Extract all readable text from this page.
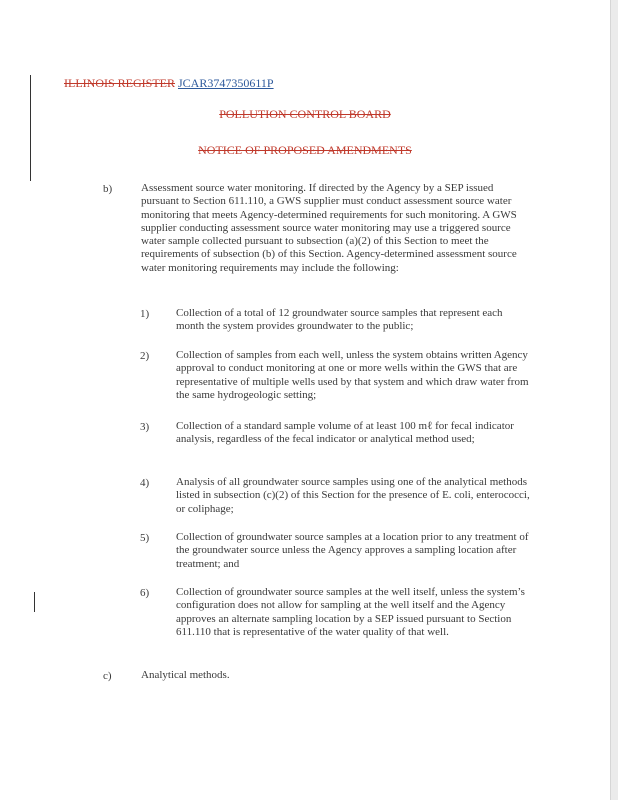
ILLINOIS REGISTER JCAR3747350611P
POLLUTION CONTROL BOARD
NOTICE OF PROPOSED AMENDMENTS
b)	Assessment source water monitoring. If directed by the Agency by a SEP issued pursuant to Section 611.110, a GWS supplier must conduct assessment source water monitoring that meets Agency-determined requirements for such monitoring. A GWS supplier conducting assessment source water monitoring may use a triggered source water sample collected pursuant to subsection (a)(2) of this Section to meet the requirements of subsection (b) of this Section. Agency-determined assessment source water monitoring requirements may include the following:
1) Collection of a total of 12 groundwater source samples that represent each month the system provides groundwater to the public;
2) Collection of samples from each well, unless the system obtains written Agency approval to conduct monitoring at one or more wells within the GWS that are representative of multiple wells used by that system and which draw water from the same hydrogeologic setting;
3) Collection of a standard sample volume of at least 100 mℓ for fecal indicator analysis, regardless of the fecal indicator or analytical method used;
4) Analysis of all groundwater source samples using one of the analytical methods listed in subsection (c)(2) of this Section for the presence of E. coli, enterococci, or coliphage;
5) Collection of groundwater source samples at a location prior to any treatment of the groundwater source unless the Agency approves a sampling location after treatment; and
6) Collection of groundwater source samples at the well itself, unless the system’s configuration does not allow for sampling at the well itself and the Agency approves an alternate sampling location by a SEP issued pursuant to Section 611.110 that is representative of the water quality of that well.
c)	Analytical methods.
